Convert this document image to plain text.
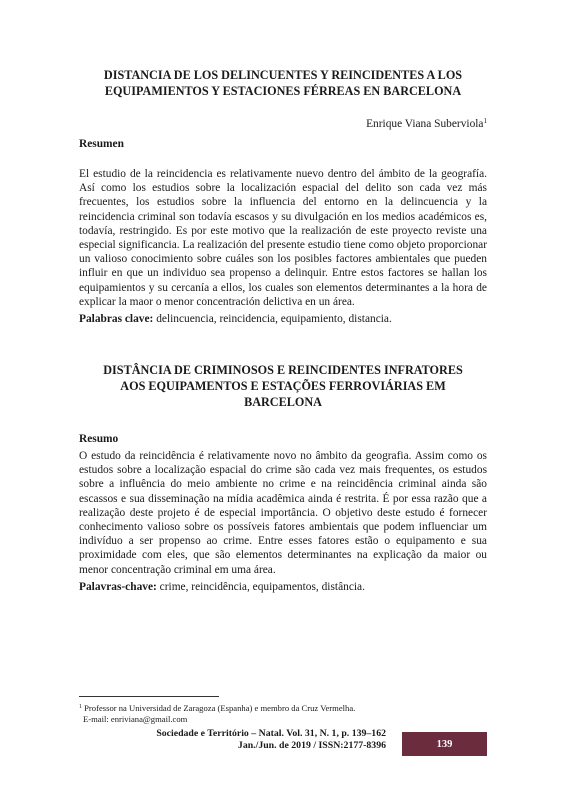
DISTANCIA DE LOS DELINCUENTES Y REINCIDENTES A LOS
EQUIPAMIENTOS Y ESTACIONES FÉRREAS EN BARCELONA
Enrique Viana Suberviola$^1$
Resumen
El estudio de la reincidencia es relativamente nuevo dentro del ámbito de la geografía. Así como los estudios sobre la localización espacial del delito son cada vez más frecuentes, los estudios sobre la influencia del entorno en la delincuencia y la reincidencia criminal son todavía escasos y su divulgación en los medios académicos es, todavía, restringido. Es por este motivo que la realización de este proyecto reviste una especial significancia. La realización del presente estudio tiene como objeto proporcionar un valioso conocimiento sobre cuáles son los posibles factores ambientales que pueden influir en que un individuo sea propenso a delinquir. Entre estos factores se hallan los equipamientos y su cercanía a ellos, los cuales son elementos determinantes a la hora de explicar la maor o menor concentración delictiva en un área.
Palabras clave: delincuencia, reincidencia, equipamiento, distancia.
DISTÂNCIA DE CRIMINOSOS E REINCIDENTES INFRATORES
AOS EQUIPAMENTOS E ESTAÇÕES FERROVIÁRIAS EM
BARCELONA
Resumo
O estudo da reincidência é relativamente novo no âmbito da geografia. Assim como os estudos sobre a localização espacial do crime são cada vez mais frequentes, os estudos sobre a influência do meio ambiente no crime e na reincidência criminal ainda são escassos e sua disseminação na mídia acadêmica ainda é restrita. É por essa razão que a realização deste projeto é de especial importância. O objetivo deste estudo é fornecer conhecimento valioso sobre os possíveis fatores ambientais que podem influenciar um indivíduo a ser propenso ao crime. Entre esses fatores estão o equipamento e sua proximidade com eles, que são elementos determinantes na explicação da maior ou menor concentração criminal em uma área.
Palavras-chave: crime, reincidência, equipamentos, distância.
$^1$ Professor na Universidad de Zaragoza (Espanha) e membro da Cruz Vermelha.
E-mail: enriviana@gmail.com
Sociedade e Território – Natal. Vol. 31, N. 1, p. 139–162
Jan./Jun. de 2019 / ISSN:2177-8396	139
